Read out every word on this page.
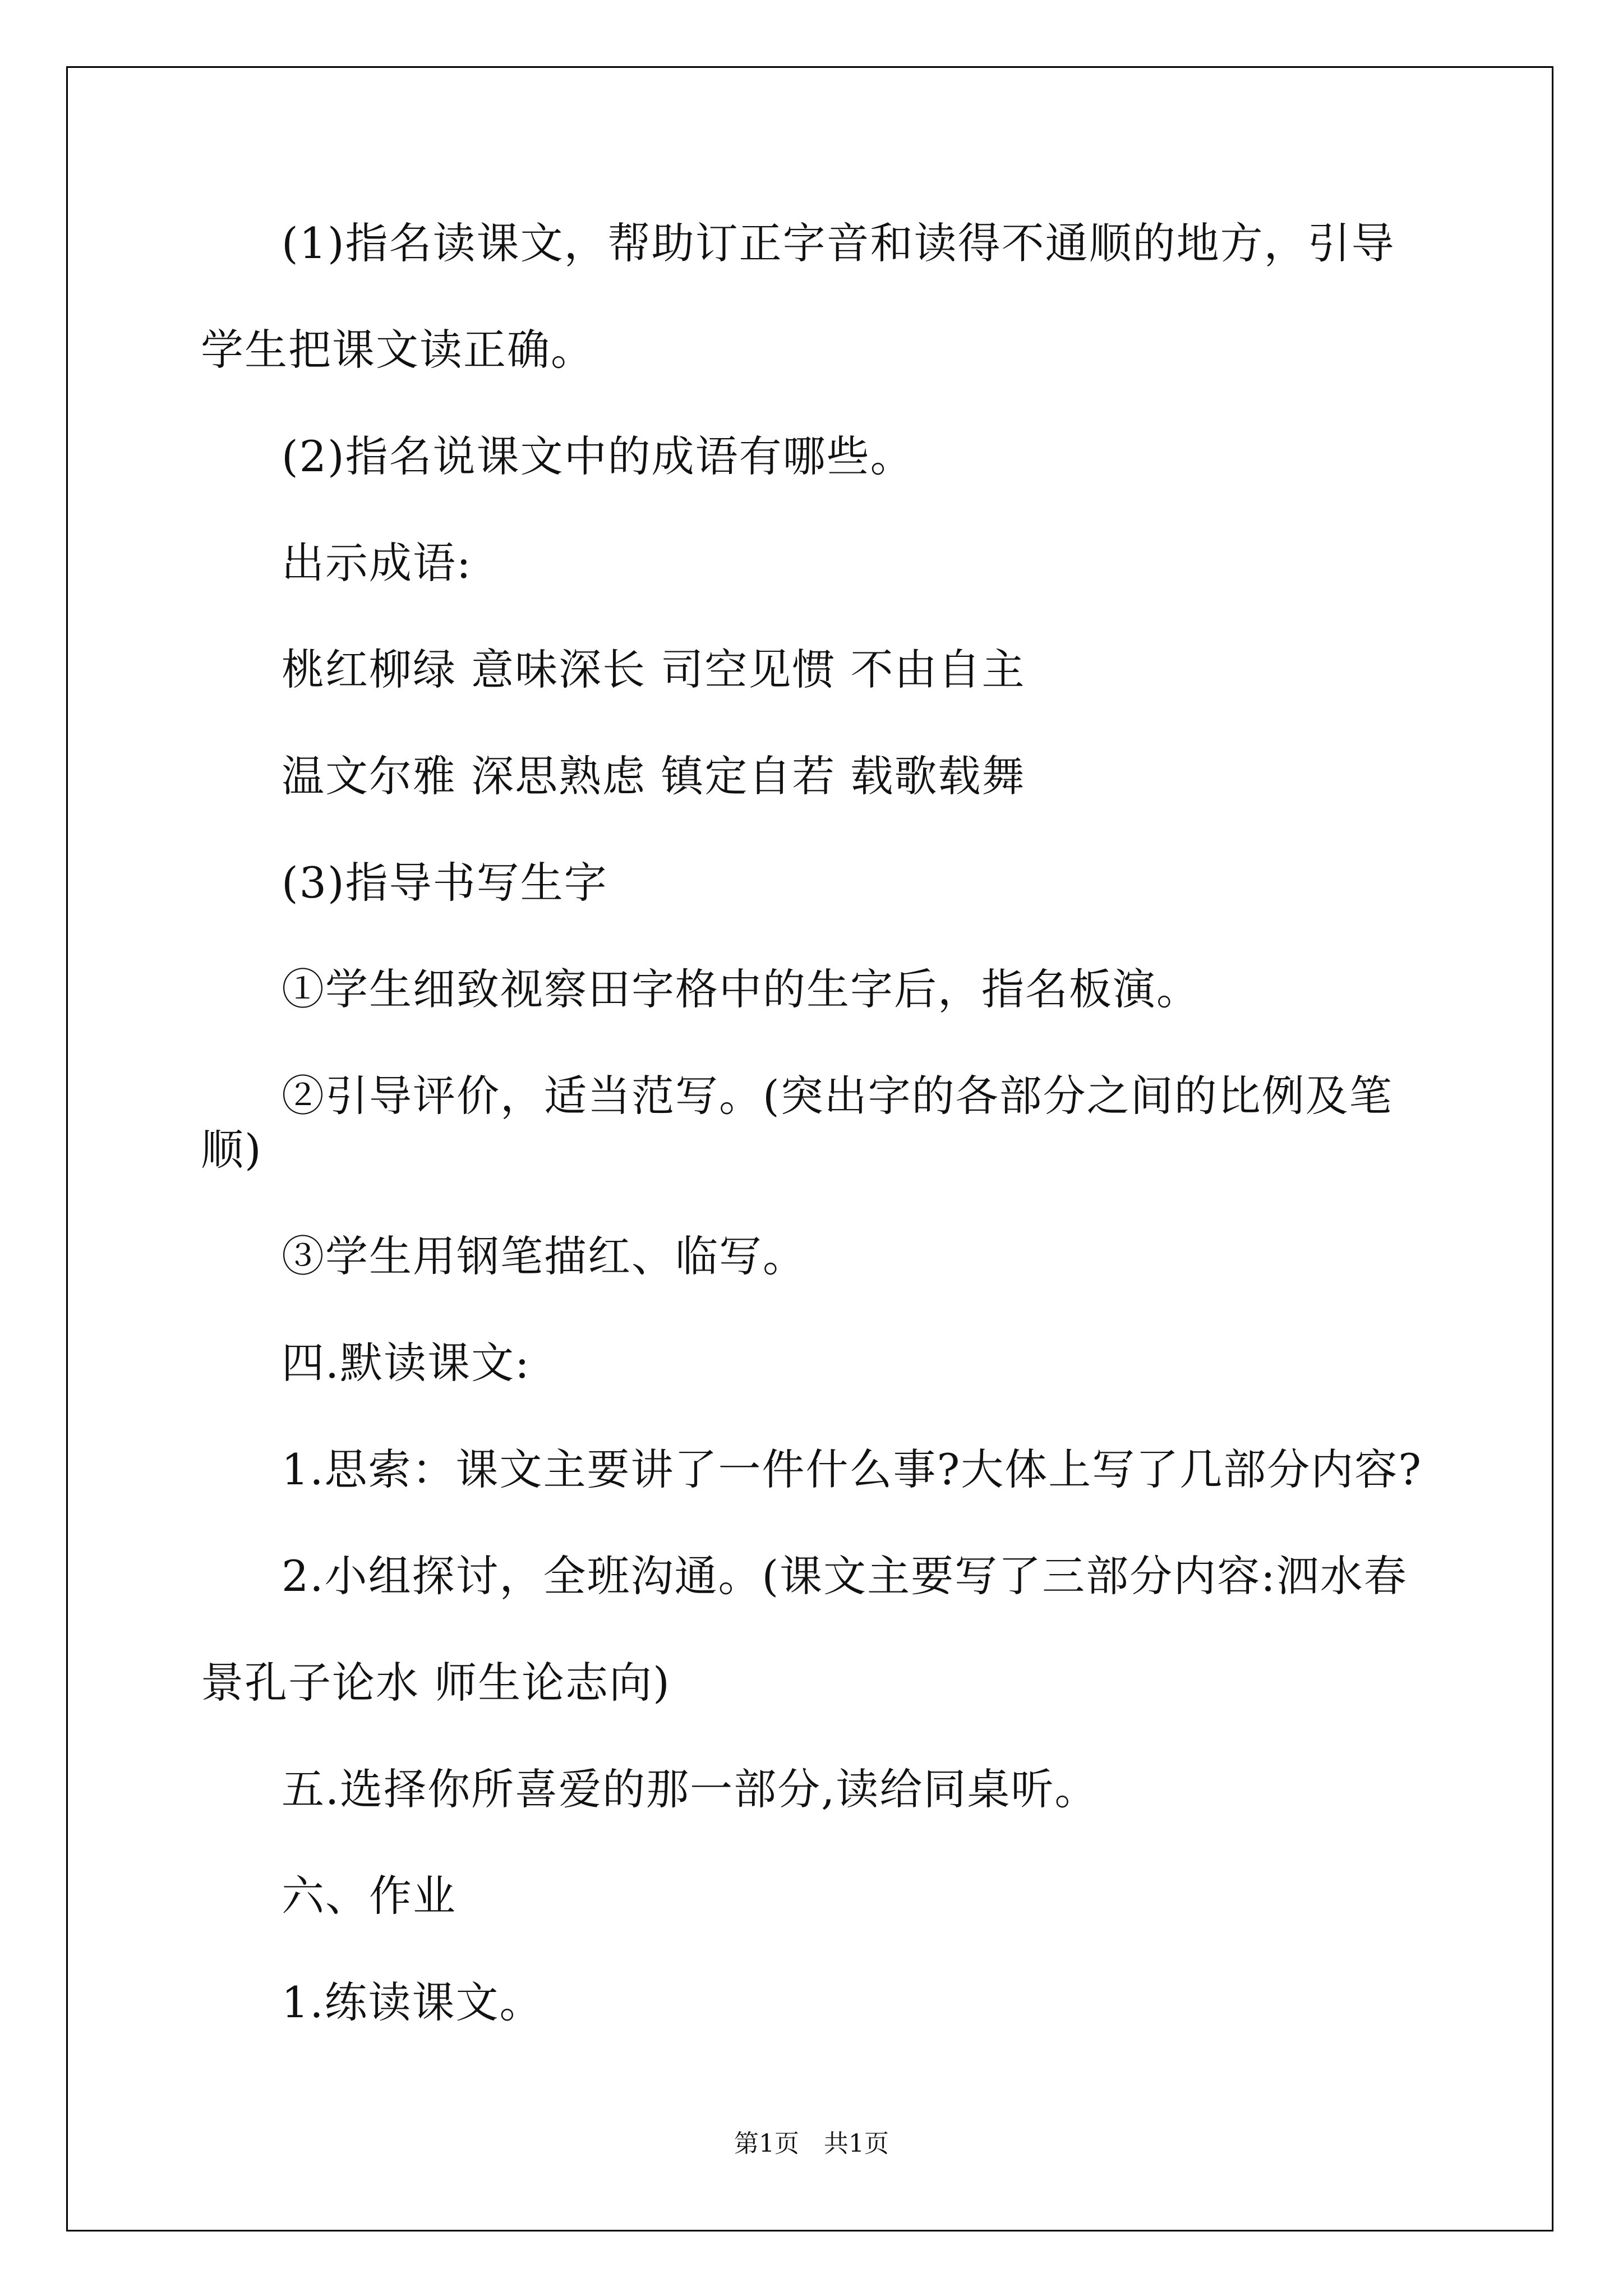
(1)指名读课文，帮助订正字音和读得不通顺的地方，引导学生把课文读正确。

(2)指名说课文中的成语有哪些。

出示成语:

桃红柳绿 意味深长 司空见惯 不由自主

温文尔雅 深思熟虑 镇定自若 载歌载舞

(3)指导书写生字

①学生细致视察田字格中的生字后，指名板演。

②引导评价，适当范写。(突出字的各部分之间的比例及笔顺)

③学生用钢笔描红、临写。

四.默读课文:

1.思索：课文主要讲了一件什么事?大体上写了几部分内容?

2.小组探讨，全班沟通。(课文主要写了三部分内容:泗水春景孔子论水 师生论志向)

五.选择你所喜爱的那一部分,读给同桌听。

六、作业

1.练读课文。

第1页　共1页
